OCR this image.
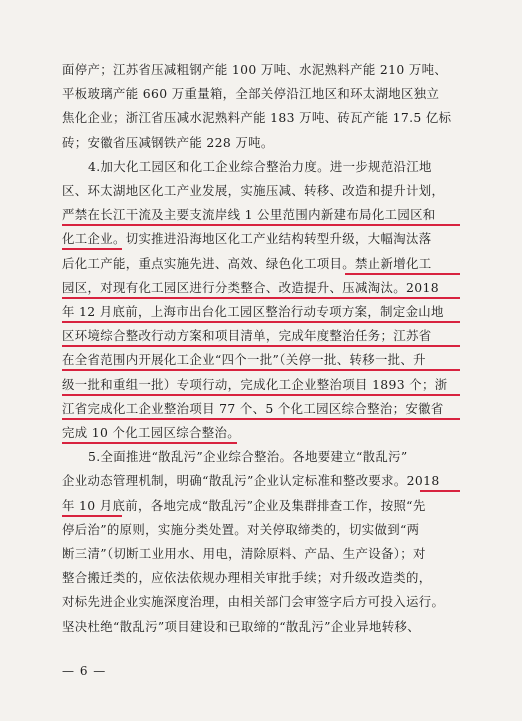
— 6 —
面停产；江苏省压减粗钢产能 100 万吨、水泥熟料产能 210 万吨、
平板玻璃产能 660 万重量箱，全部关停沿江地区和环太湖地区独立
焦化企业；浙江省压减水泥熟料产能 183 万吨、砖瓦产能 17.5 亿标
砖；安徽省压减钢铁产能 228 万吨。
4.加大化工园区和化工企业综合整治力度。进一步规范沿江地
区、环太湖地区化工产业发展，实施压减、转移、改造和提升计划，
严禁在长江干流及主要支流岸线 1 公里范围内新建布局化工园区和
化工企业。切实推进沿海地区化工产业结构转型升级，大幅淘汰落
后化工产能，重点实施先进、高效、绿色化工项目。禁止新增化工
园区，对现有化工园区进行分类整合、改造提升、压减淘汰。2018
年 12 月底前，上海市出台化工园区整治行动专项方案，制定金山地
区环境综合整改行动方案和项目清单，完成年度整治任务；江苏省
在全省范围内开展化工企业“四个一批”（关停一批、转移一批、升
级一批和重组一批）专项行动，完成化工企业整治项目 1893 个；浙
江省完成化工企业整治项目 77 个、5 个化工园区综合整治；安徽省
完成 10 个化工园区综合整治。
5.全面推进“散乱污”企业综合整治。各地要建立“散乱污”
企业动态管理机制，明确“散乱污”企业认定标准和整改要求。2018
年 10 月底前，各地完成“散乱污”企业及集群排查工作，按照“先
停后治”的原则，实施分类处置。对关停取缔类的，切实做到“两
断三清”（切断工业用水、用电，清除原料、产品、生产设备）；对
整合搬迁类的，应依法依规办理相关审批手续；对升级改造类的，
对标先进企业实施深度治理，由相关部门会审签字后方可投入运行。
坚决杜绝“散乱污”项目建设和已取缔的“散乱污”企业异地转移、
